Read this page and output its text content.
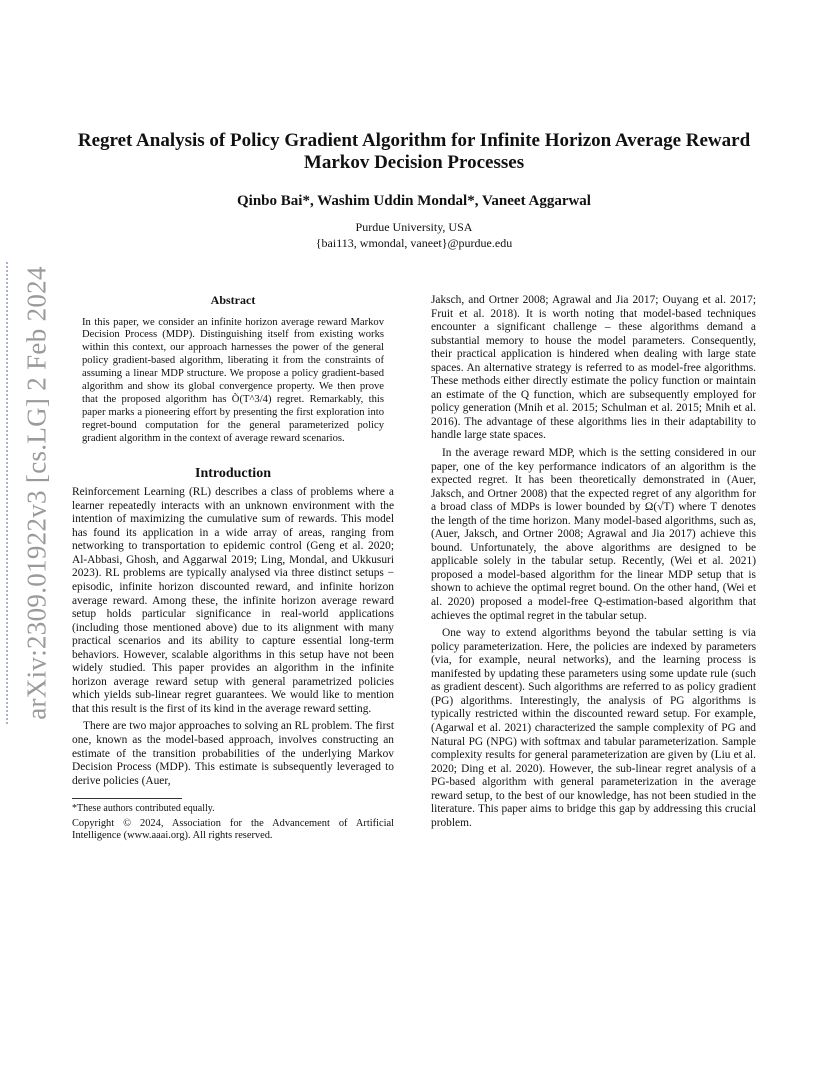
arXiv:2309.01922v3 [cs.LG] 2 Feb 2024
Regret Analysis of Policy Gradient Algorithm for Infinite Horizon Average Reward Markov Decision Processes
Qinbo Bai*, Washim Uddin Mondal*, Vaneet Aggarwal
Purdue University, USA
{bai113, wmondal, vaneet}@purdue.edu
Abstract

In this paper, we consider an infinite horizon average reward Markov Decision Process (MDP). Distinguishing itself from existing works within this context, our approach harnesses the power of the general policy gradient-based algorithm, liberating it from the constraints of assuming a linear MDP structure. We propose a policy gradient-based algorithm and show its global convergence property. We then prove that the proposed algorithm has Õ(T^3/4) regret. Remarkably, this paper marks a pioneering effort by presenting the first exploration into regret-bound computation for the general parameterized policy gradient algorithm in the context of average reward scenarios.

Introduction

Reinforcement Learning (RL) describes a class of problems where a learner repeatedly interacts with an unknown environment with the intention of maximizing the cumulative sum of rewards. This model has found its application in a wide array of areas, ranging from networking to transportation to epidemic control (Geng et al. 2020; Al-Abbasi, Ghosh, and Aggarwal 2019; Ling, Mondal, and Ukkusuri 2023). RL problems are typically analysed via three distinct setups − episodic, infinite horizon discounted reward, and infinite horizon average reward. Among these, the infinite horizon average reward setup holds particular significance in real-world applications (including those mentioned above) due to its alignment with many practical scenarios and its ability to capture essential long-term behaviors. However, scalable algorithms in this setup have not been widely studied. This paper provides an algorithm in the infinite horizon average reward setup with general parametrized policies which yields sub-linear regret guarantees. We would like to mention that this result is the first of its kind in the average reward setting.

There are two major approaches to solving an RL problem. The first one, known as the model-based approach, involves constructing an estimate of the transition probabilities of the underlying Markov Decision Process (MDP). This estimate is subsequently leveraged to derive policies (Auer,

*These authors contributed equally.

Copyright © 2024, Association for the Advancement of Artificial Intelligence (www.aaai.org). All rights reserved.

Jaksch, and Ortner 2008; Agrawal and Jia 2017; Ouyang et al. 2017; Fruit et al. 2018). It is worth noting that model-based techniques encounter a significant challenge – these algorithms demand a substantial memory to house the model parameters. Consequently, their practical application is hindered when dealing with large state spaces. An alternative strategy is referred to as model-free algorithms. These methods either directly estimate the policy function or maintain an estimate of the Q function, which are subsequently employed for policy generation (Mnih et al. 2015; Schulman et al. 2015; Mnih et al. 2016). The advantage of these algorithms lies in their adaptability to handle large state spaces.

In the average reward MDP, which is the setting considered in our paper, one of the key performance indicators of an algorithm is the expected regret. It has been theoretically demonstrated in (Auer, Jaksch, and Ortner 2008) that the expected regret of any algorithm for a broad class of MDPs is lower bounded by Ω(√T) where T denotes the length of the time horizon. Many model-based algorithms, such as, (Auer, Jaksch, and Ortner 2008; Agrawal and Jia 2017) achieve this bound. Unfortunately, the above algorithms are designed to be applicable solely in the tabular setup. Recently, (Wei et al. 2021) proposed a model-based algorithm for the linear MDP setup that is shown to achieve the optimal regret bound. On the other hand, (Wei et al. 2020) proposed a model-free Q-estimation-based algorithm that achieves the optimal regret in the tabular setup.

One way to extend algorithms beyond the tabular setting is via policy parameterization. Here, the policies are indexed by parameters (via, for example, neural networks), and the learning process is manifested by updating these parameters using some update rule (such as gradient descent). Such algorithms are referred to as policy gradient (PG) algorithms. Interestingly, the analysis of PG algorithms is typically restricted within the discounted reward setup. For example, (Agarwal et al. 2021) characterized the sample complexity of PG and Natural PG (NPG) with softmax and tabular parameterization. Sample complexity results for general parameterization are given by (Liu et al. 2020; Ding et al. 2020). However, the sub-linear regret analysis of a PG-based algorithm with general parameterization in the average reward setup, to the best of our knowledge, has not been studied in the literature. This paper aims to bridge this gap by addressing this crucial problem.
